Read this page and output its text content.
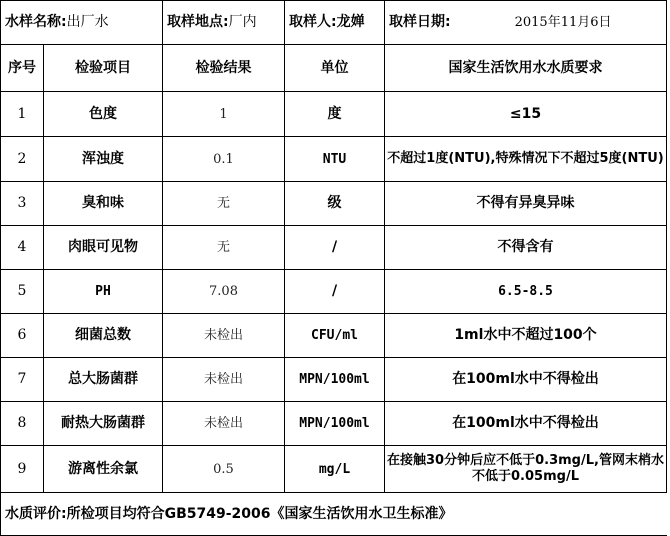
水样名称:出厂水		取样地点:厂内	取样人:龙婵	取样日期: 2015年11月6日
序号	检验项目	检验结果	单位	国家生活饮用水水质要求
1	色度	1	度	≤15
2	浑浊度	0.1	NTU	不超过1度(NTU),特殊情况下不超过5度(NTU)
3	臭和味	无	级	不得有异臭异味
4	肉眼可见物	无	/	不得含有
5	PH	7.08	/	6.5-8.5
6	细菌总数	未检出	CFU/ml	1ml水中不超过100个
7	总大肠菌群	未检出	MPN/100ml	在100ml水中不得检出
8	耐热大肠菌群	未检出	MPN/100ml	在100ml水中不得检出
9	游离性余氯	0.5	mg/L	在接触30分钟后应不低于0.3mg/L,管网末梢水不低于0.05mg/L
水质评价:所检项目均符合GB5749-2006《国家生活饮用水卫生标准》				
